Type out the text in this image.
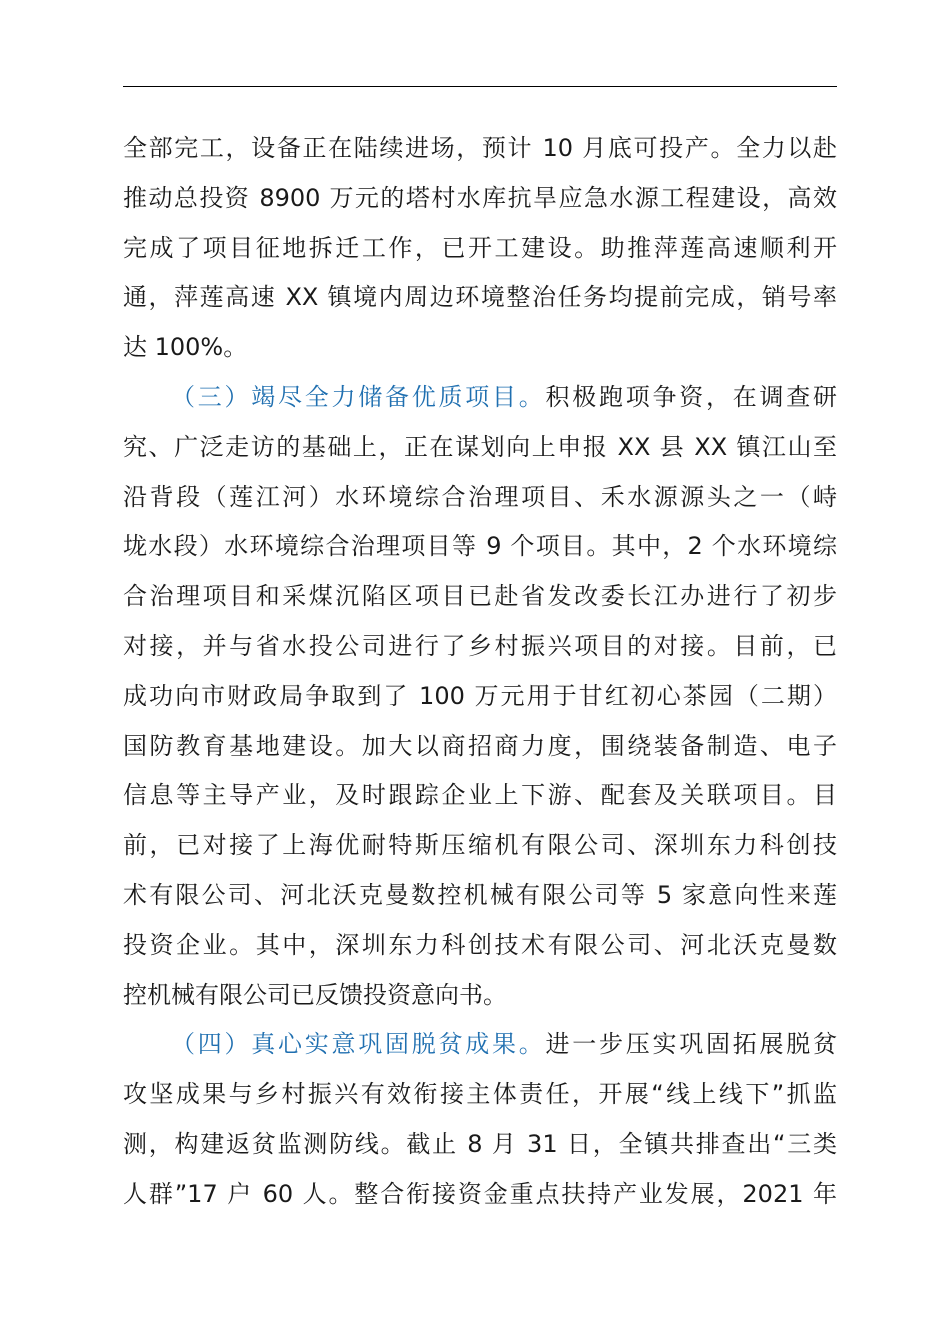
全部完工，设备正在陆续进场，预计 10 月底可投产。全力以赴
推动总投资 8900 万元的塔村水库抗旱应急水源工程建设，高效
完成了项目征地拆迁工作，已开工建设。助推萍莲高速顺利开
通，萍莲高速 XX 镇境内周边环境整治任务均提前完成，销号率
达 100%。
（三）竭尽全力储备优质项目。积极跑项争资，在调查研
究、广泛走访的基础上，正在谋划向上申报 XX 县 XX 镇江山至
沿背段（莲江河）水环境综合治理项目、禾水源源头之一（峙
垅水段）水环境综合治理项目等 9 个项目。其中，2 个水环境综
合治理项目和采煤沉陷区项目已赴省发改委长江办进行了初步
对接，并与省水投公司进行了乡村振兴项目的对接。目前，已
成功向市财政局争取到了 100 万元用于甘红初心茶园（二期）
国防教育基地建设。加大以商招商力度，围绕装备制造、电子
信息等主导产业，及时跟踪企业上下游、配套及关联项目。目
前，已对接了上海优耐特斯压缩机有限公司、深圳东力科创技
术有限公司、河北沃克曼数控机械有限公司等 5 家意向性来莲
投资企业。其中，深圳东力科创技术有限公司、河北沃克曼数
控机械有限公司已反馈投资意向书。
（四）真心实意巩固脱贫成果。进一步压实巩固拓展脱贫
攻坚成果与乡村振兴有效衔接主体责任，开展“线上线下”抓监
测，构建返贫监测防线。截止 8 月 31 日，全镇共排查出“三类
人群”17 户 60 人。整合衔接资金重点扶持产业发展，2021 年
